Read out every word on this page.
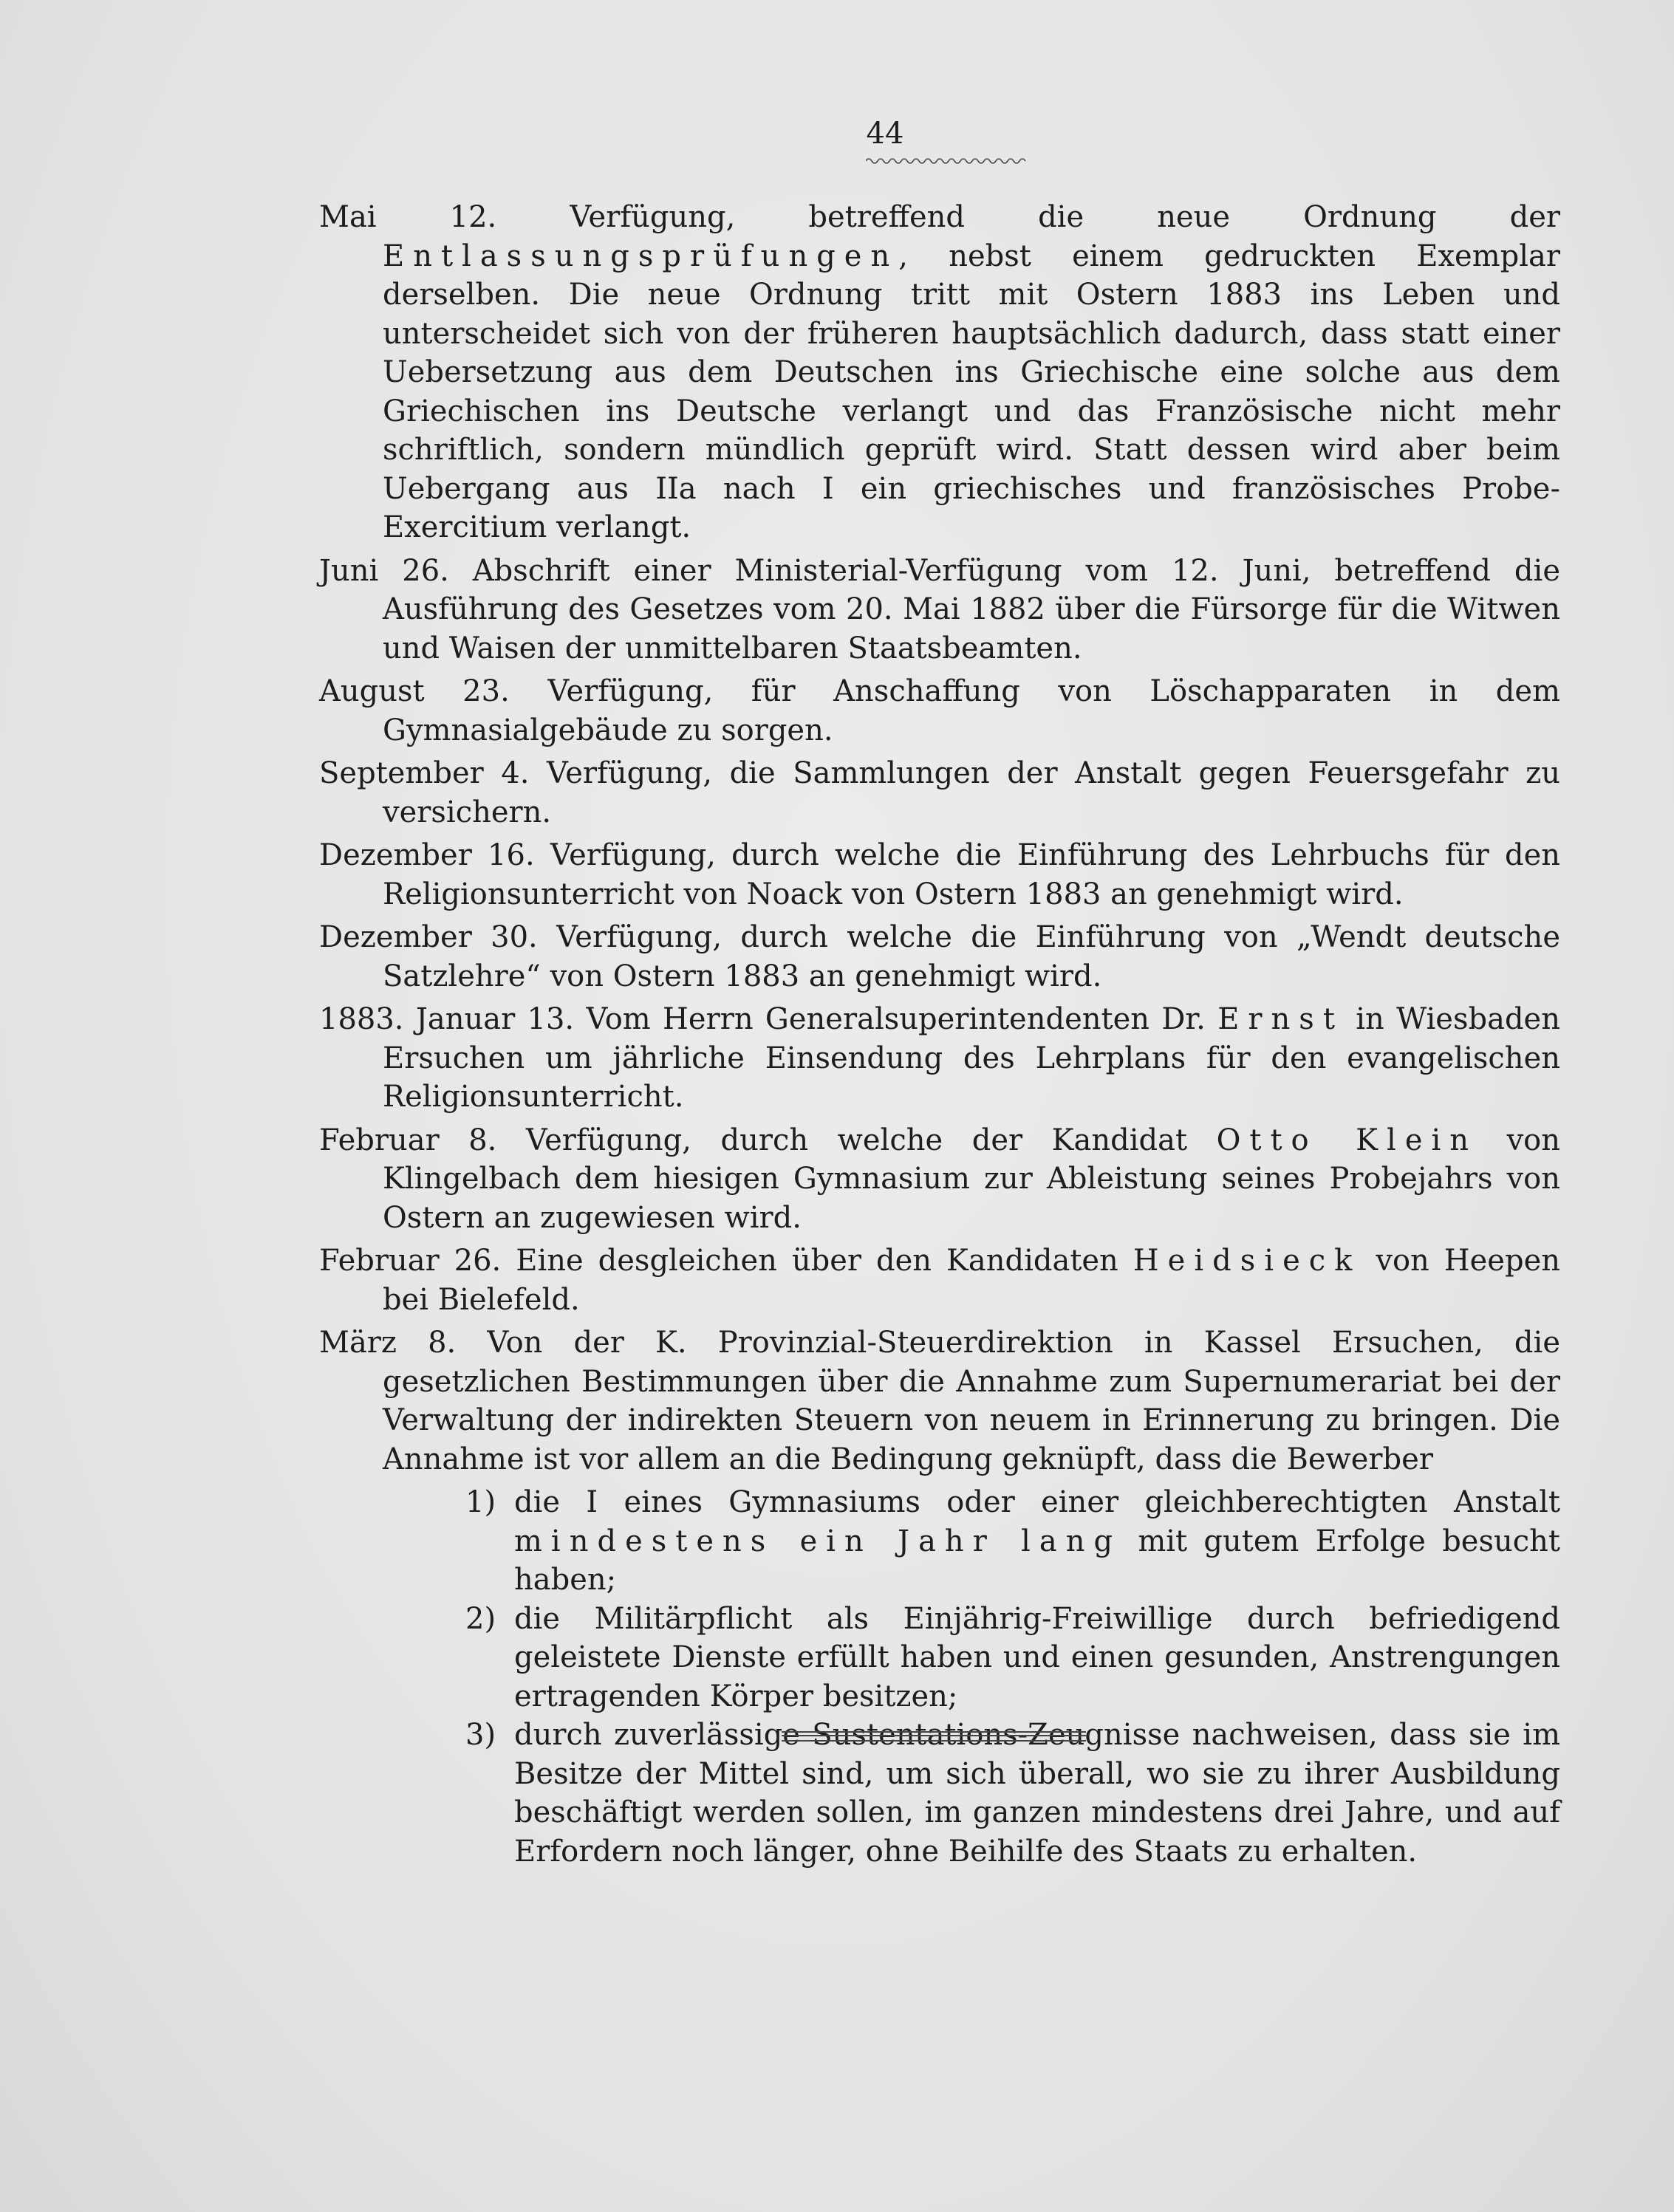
44

Mai 12. Verfügung, betreffend die neue Ordnung der Entlassungsprüfungen, nebst einem gedruckten Exemplar derselben. Die neue Ordnung tritt mit Ostern 1883 ins Leben und unterscheidet sich von der früheren hauptsächlich dadurch, dass statt einer Uebersetzung aus dem Deutschen ins Griechische eine solche aus dem Griechischen ins Deutsche verlangt und das Französische nicht mehr schriftlich, sondern mündlich geprüft wird. Statt dessen wird aber beim Uebergang aus IIa nach I ein griechisches und französisches Probe-Exercitium verlangt.

Juni 26. Abschrift einer Ministerial-Verfügung vom 12. Juni, betreffend die Ausführung des Gesetzes vom 20. Mai 1882 über die Fürsorge für die Witwen und Waisen der unmittelbaren Staatsbeamten.

August 23. Verfügung, für Anschaffung von Löschapparaten in dem Gymnasialgebäude zu sorgen.

September 4. Verfügung, die Sammlungen der Anstalt gegen Feuersgefahr zu versichern.

Dezember 16. Verfügung, durch welche die Einführung des Lehrbuchs für den Religionsunterricht von Noack von Ostern 1883 an genehmigt wird.

Dezember 30. Verfügung, durch welche die Einführung von „Wendt deutsche Satzlehre“ von Ostern 1883 an genehmigt wird.

1883. Januar 13. Vom Herrn Generalsuperintendenten Dr. Ernst in Wiesbaden Ersuchen um jährliche Einsendung des Lehrplans für den evangelischen Religionsunterricht.

Februar 8. Verfügung, durch welche der Kandidat Otto Klein von Klingelbach dem hiesigen Gymnasium zur Ableistung seines Probejahrs von Ostern an zugewiesen wird.

Februar 26. Eine desgleichen über den Kandidaten Heidsieck von Heepen bei Bielefeld.

März 8. Von der K. Provinzial-Steuerdirektion in Kassel Ersuchen, die gesetzlichen Bestimmungen über die Annahme zum Supernumerariat bei der Verwaltung der indirekten Steuern von neuem in Erinnerung zu bringen. Die Annahme ist vor allem an die Bedingung geknüpft, dass die Bewerber

1) die I eines Gymnasiums oder einer gleichberechtigten Anstalt mindestens ein Jahr lang mit gutem Erfolge besucht haben;
2) die Militärpflicht als Einjährig-Freiwillige durch befriedigend geleistete Dienste erfüllt haben und einen gesunden, Anstrengungen ertragenden Körper besitzen;
3) durch zuverlässige Sustentations-Zeugnisse nachweisen, dass sie im Besitze der Mittel sind, um sich überall, wo sie zu ihrer Ausbildung beschäftigt werden sollen, im ganzen mindestens drei Jahre, und auf Erfordern noch länger, ohne Beihilfe des Staats zu erhalten.
